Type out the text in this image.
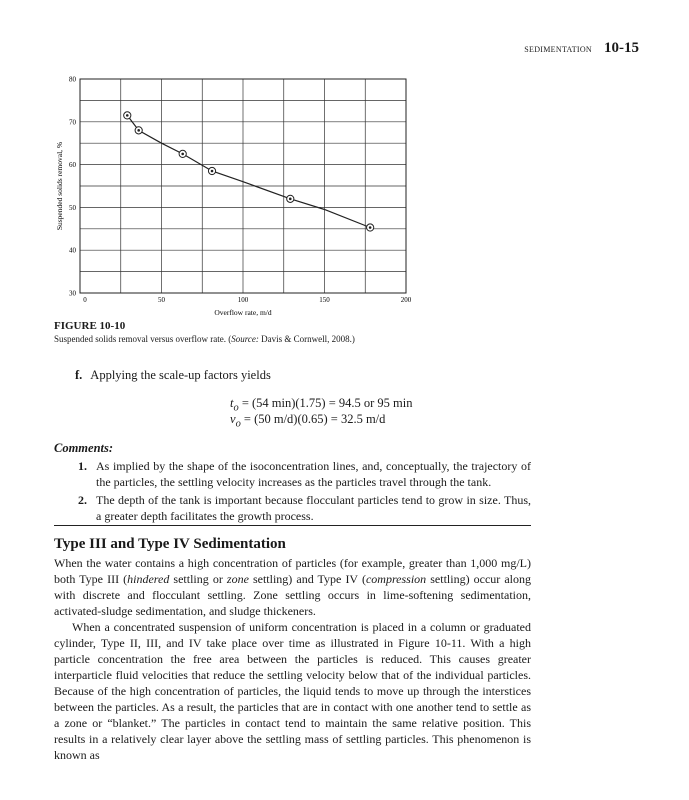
SEDIMENTATION 10-15
30
40
50
60
70
80
0	50	100	150	200
Overflow rate, m/d
Suspended solids removal, %
FIGURE 10-10
Suspended solids removal versus overflow rate. (Source: Davis & Cornwell, 2008.)
f. Applying the scale-up factors yields
$t_o = (54$ min)(1.75) = 94.5 or 95 min
$v_o = (50$ m/d)(0.65) = 32.5 m/d
Comments:
1. As implied by the shape of the isoconcentration lines, and, conceptually, the trajectory of the particles, the settling velocity increases as the particles travel through the tank.
2. The depth of the tank is important because flocculant particles tend to grow in size. Thus, a greater depth facilitates the growth process.
Type III and Type IV Sedimentation

When the water contains a high concentration of particles (for example, greater than 1,000 mg/L) both Type III (hindered settling or zone settling) and Type IV (compression settling) occur along with discrete and flocculant settling. Zone settling occurs in lime-softening sedimentation, activated-sludge sedimentation, and sludge thickeners.

When a concentrated suspension of uniform concentration is placed in a column or graduated cylinder, Type II, III, and IV take place over time as illustrated in Figure 10-11. With a high particle concentration the free area between the particles is reduced. This causes greater interparticle fluid velocities that reduce the settling velocity below that of the individual particles. Because of the high concentration of particles, the liquid tends to move up through the interstices between the particles. As a result, the particles that are in contact with one another tend to settle as a zone or “blanket.” The particles in contact tend to maintain the same relative position. This results in a relatively clear layer above the settling mass of settling particles. This phenomenon is known as
